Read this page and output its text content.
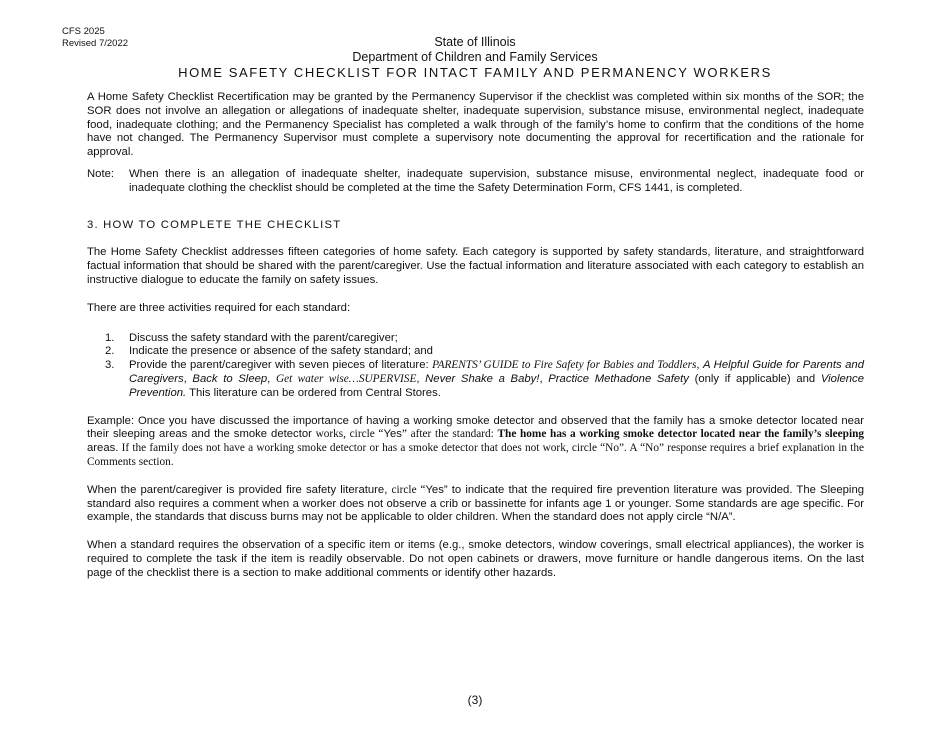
CFS 2025
Revised 7/2022	State of Illinois
Department of Children and Family Services
HOME SAFETY CHECKLIST FOR INTACT FAMILY AND PERMANENCY WORKERS

A Home Safety Checklist Recertification may be granted by the Permanency Supervisor if the checklist was completed within six months of the SOR; the SOR does not involve an allegation or allegations of inadequate shelter, inadequate supervision, substance misuse, environmental neglect, inadequate food, inadequate clothing; and the Permanency Specialist has completed a walk through of the family’s home to confirm that the conditions of the home have not changed. The Permanency Supervisor must complete a supervisory note documenting the approval for recertification and the rationale for approval.

Note:	When there is an allegation of inadequate shelter, inadequate supervision, substance misuse, environmental neglect, inadequate food or inadequate clothing the checklist should be completed at the time the Safety Determination Form, CFS 1441, is completed.
3. HOW TO COMPLETE THE CHECKLIST

The Home Safety Checklist addresses fifteen categories of home safety. Each category is supported by safety standards, literature, and straightforward factual information that should be shared with the parent/caregiver. Use the factual information and literature associated with each category to establish an instructive dialogue to educate the family on safety issues.

There are three activities required for each standard:

1.	Discuss the safety standard with the parent/caregiver;
2.	Indicate the presence or absence of the safety standard; and
3.	Provide the parent/caregiver with seven pieces of literature: PARENTS’ GUIDE to Fire Safety for Babies and Toddlers, A Helpful Guide for Parents and Caregivers, Back to Sleep, Get water wise…SUPERVISE, Never Shake a Baby!, Practice Methadone Safety (only if applicable) and Violence Prevention. This literature can be ordered from Central Stores.

Example: Once you have discussed the importance of having a working smoke detector and observed that the family has a smoke detector located near their sleeping areas and the smoke detector works, circle “Yes” after the standard: The home has a working smoke detector located near the family’s sleeping areas. If the family does not have a working smoke detector or has a smoke detector that does not work, circle “No”. A “No” response requires a brief explanation in the Comments section.

When the parent/caregiver is provided fire safety literature, circle “Yes” to indicate that the required fire prevention literature was provided. The Sleeping standard also requires a comment when a worker does not observe a crib or bassinette for infants age 1 or younger. Some standards are age specific. For example, the standards that discuss burns may not be applicable to older children. When the standard does not apply circle “N/A”.

When a standard requires the observation of a specific item or items (e.g., smoke detectors, window coverings, small electrical appliances), the worker is required to complete the task if the item is readily observable. Do not open cabinets or drawers, move furniture or handle dangerous items. On the last page of the checklist there is a section to make additional comments or identify other hazards.

(3)
